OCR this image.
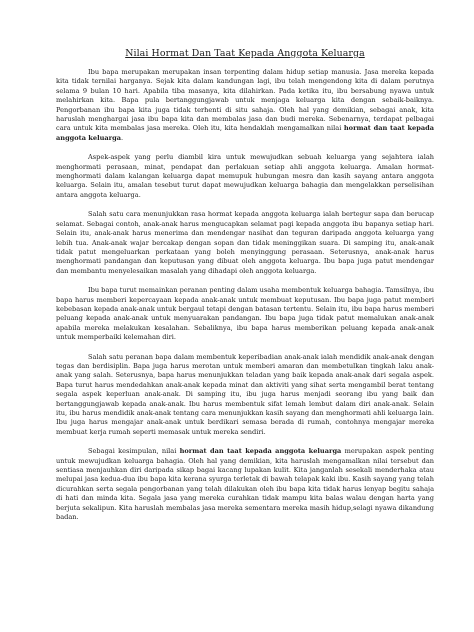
Nilai Hormat Dan Taat Kepada Anggota Keluarga

Ibu bapa merupakan merupakan insan terpenting dalam hidup setiap manusia. Jasa mereka kepada kita tidak ternilai harganya. Sejak kita dalam kandungan lagi, ibu telah mengendong kita di dalam perutnya selama 9 bulan 10 hari. Apabila tiba masanya, kita dilahirkan. Pada ketika itu, ibu bersabung nyawa untuk melahirkan kita. Bapa pula bertanggungjawab untuk menjaga keluarga kita dengan sebaik-baiknya. Pengorbanan ibu bapa kita juga tidak terhenti di situ sahaja. Oleh hal yang demikian, sebagai anak, kita haruslah menghargai jasa ibu bapa kita dan membalas jasa dan budi mereka. Sebenarnya, terdapat pelbagai cara untuk kita membalas jasa mereka. Oleh itu, kita hendaklah mengamalkan nilai hormat dan taat kepada anggota keluarga.

Aspek-aspek yang perlu diambil kira untuk mewujudkan sebuah keluarga yang sejahtera ialah menghormati perasaan, minat, pendapat dan perlakuan setiap ahli anggota keluarga. Amalan hormat-menghormati dalam kalangan keluarga dapat memupuk hubungan mesra dan kasih sayang antara anggota keluarga. Selain itu, amalan tesebut turut dapat mewujudkan keluarga bahagia dan mengelakkan perselisihan antara anggota keluarga.

Salah satu cara menunjukkan rasa hormat kepada anggota keluarga ialah bertegur sapa dan berucap selamat. Sebagai contoh, anak-anak harus mengucapkan selamat pagi kepada anggota ibu bapanya setiap hari. Selain itu, anak-anak harus menerima dan mendengar nasihat dan teguran daripada anggota keluarga yang lebih tua. Anak-anak wajar bercakap dengan sopan dan tidak meninggikan suara. Di samping itu, anak-anak tidak patut mengeluarkan perkataan yang boleh menyinggung perasaan. Seterusnya, anak-anak harus menghormati pandangan dan keputusan yang dibuat oleh anggota keluarga. Ibu bapa juga patut mendengar dan membantu menyelesaikan masalah yang dihadapi oleh anggota keluarga.

Ibu bapa turut memainkan peranan penting dalam usaha membentuk keluarga bahagia. Tamsilnya, ibu bapa harus memberi kepercayaan kepada anak-anak untuk membuat keputusan. Ibu bapa juga patut memberi kebebasan kepada anak-anak untuk bergaul tetapi dengan batasan tertentu. Selain itu, ibu bapa harus memberi peluang kepada anak-anak untuk menyuarakan pandangan. Ibu bapa juga tidak patut memalukan anak-anak apabila mereka melakukan kesalahan. Sebaliknya, ibu bapa harus memberikan peluang kepada anak-anak untuk memperbaiki kelemahan diri.

Salah satu peranan bapa dalam membentuk keperibadian anak-anak ialah mendidik anak-anak dengan tegas dan berdisiplin. Bapa juga harus merotan untuk memberi amaran dan membetulkan tingkah laku anak-anak yang salah. Seterusnya, bapa harus menunjukkan teladan yang baik kepada anak-anak dari segala aspek. Bapa turut harus mendedahkan anak-anak kepada minat dan aktiviti yang sihat serta mengambil berat tentang segala aspek keperluan anak-anak. Di samping itu, ibu juga harus menjadi seorang ibu yang baik dan bertanggungjawab kepada anak-anak. Ibu harus membentuk sifat lemah lembut dalam diri anak-anak. Selain itu, ibu harus mendidik anak-anak tentang cara menunjukkan kasih sayang dan menghormati ahli keluarga lain. Ibu juga harus mengajar anak-anak untuk berdikari semasa berada di rumah, contohnya mengajar mereka membuat kerja rumah seperti memasak untuk mereka sendiri.

Sebagai kesimpulan, nilai hormat dan taat kepada anggota keluarga merupakan aspek penting untuk mewujudkan keluarga bahagia. Oleh hal yang demikian, kita haruslah mengamalkan nilai tersebut dan sentiasa menjauhkan diri daripada sikap bagai kacang lupakan kulit. Kita janganlah sesekali menderhaka atau melupai jasa kedua-dua ibu bapa kita kerana syurga terletak di bawah telapak kaki ibu. Kasih sayang yang telah dicurahkan serta segala pengorbanan yang telah dilakukan oleh ibu bapa kita tidak harus lenyap begitu sahaja di hati dan minda kita. Segala jasa yang mereka curahkan tidak mampu kita balas walau dengan harta yang berjuta sekalipun. Kita haruslah membalas jasa mereka sementara mereka masih hidup,selagi nyawa dikandung badan.
